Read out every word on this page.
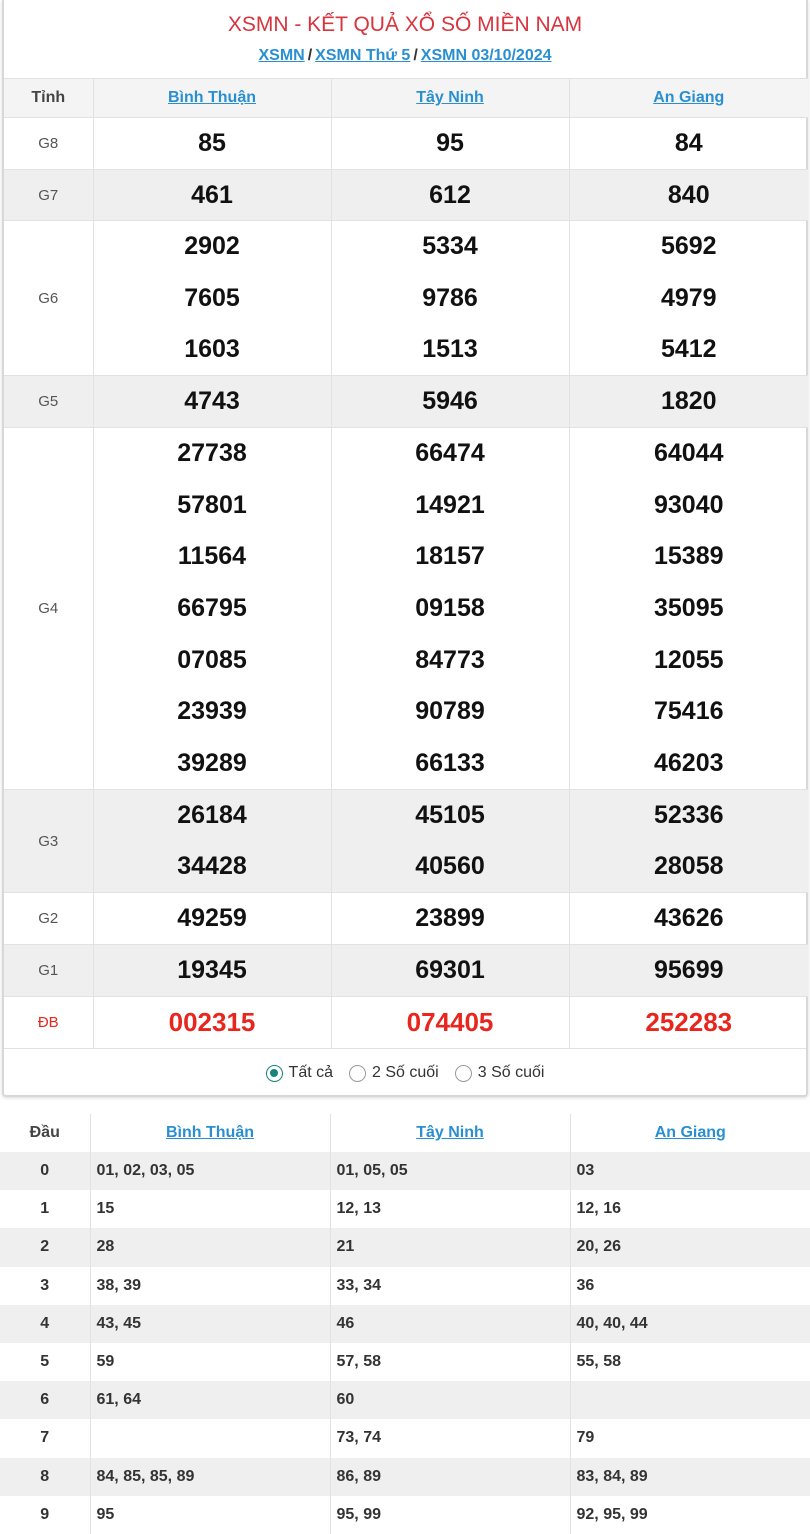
XSMN - KẾT QUẢ XỔ SỐ MIỀN NAM
XSMN / XSMN Thứ 5 / XSMN 03/10/2024
Tỉnh	Bình Thuận	Tây Ninh	An Giang
G8	85	95	84
G7	461	612	840
G6	2902	5334	5692
	7605	9786	4979
	1603	1513	5412
G5	4743	5946	1820
G4	27738	66474	64044
	57801	14921	93040
	11564	18157	15389
	66795	09158	35095
	07085	84773	12055
	23939	90789	75416
	39289	66133	46203
G3	26184	45105	52336
	34428	40560	28058
G2	49259	23899	43626
G1	19345	69301	95699
ĐB	002315	074405	252283
Tất cả 2 Số cuối 3 Số cuối
Đầu	Bình Thuận	Tây Ninh	An Giang
0	01, 02, 03, 05	01, 05, 05	03
1	15	12, 13	12, 16
2	28	21	20, 26
3	38, 39	33, 34	36
4	43, 45	46	40, 40, 44
5	59	57, 58	55, 58
6	61, 64	60	
7		73, 74	79
8	84, 85, 85, 89	86, 89	83, 84, 89
9	95	95, 99	92, 95, 99
